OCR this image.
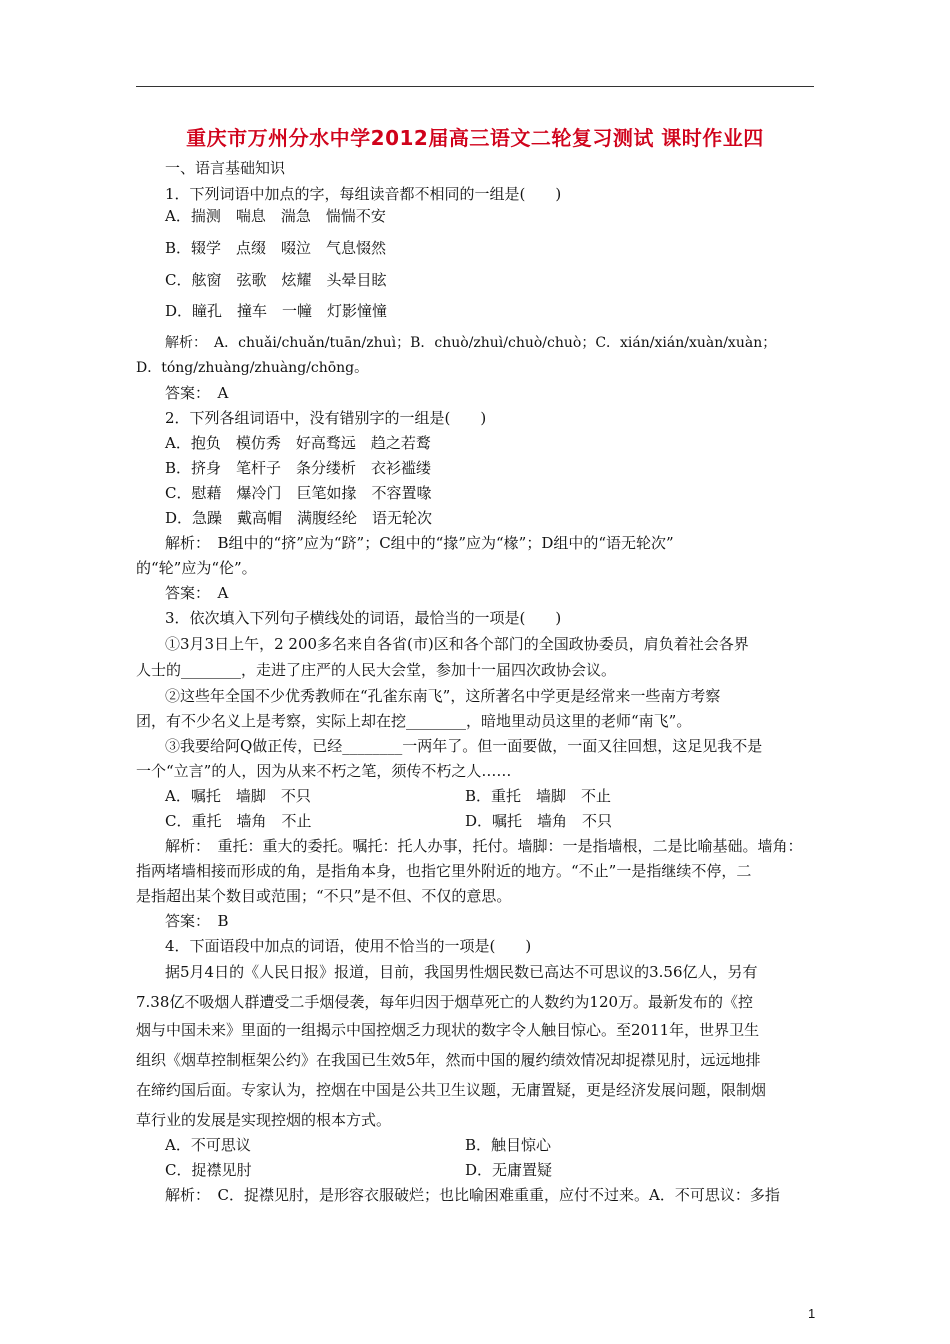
重庆市万州分水中学2012届高三语文二轮复习测试 课时作业四
一、语言基础知识
1．下列词语中加点的字，每组读音都不相同的一组是(　　)
A．揣测　喘息　湍急　惴惴不安
B．辍学　点缀　啜泣　气息惙然
C．舷窗　弦歌　炫耀　头晕目眩
D．瞳孔　撞车　一幢　灯影憧憧
解析：　A．chuǎi/chuǎn/tuān/zhuì；B．chuò/zhuì/chuò/chuò；C．xián/xián/xuàn/xuàn；
D．tóng/zhuàng/zhuàng/chōng。
答案：　A
2．下列各组词语中，没有错别字的一组是(　　)
A．抱负　模仿秀　好高骛远　趋之若鹜
B．挤身　笔杆子　条分缕析　衣衫褴缕
C．慰藉　爆冷门　巨笔如掾　不容置喙
D．急躁　戴高帽　满腹经纶　语无轮次
解析：　B组中的“挤”应为“跻”；C组中的“掾”应为“椽”；D组中的“语无轮次”
的“轮”应为“伦”。
答案：　A
3．依次填入下列句子横线处的词语，最恰当的一项是(　　)
①3月3日上午，2 200多名来自各省(市)区和各个部门的全国政协委员，肩负着社会各界
人士的________，走进了庄严的人民大会堂，参加十一届四次政协会议。
②这些年全国不少优秀教师在“孔雀东南飞”，这所著名中学更是经常来一些南方考察
团，有不少名义上是考察，实际上却在挖________，暗地里动员这里的老师“南飞”。
③我要给阿Q做正传，已经________一两年了。但一面要做，一面又往回想，这足见我不是
一个“立言”的人，因为从来不朽之笔，须传不朽之人……
A．嘱托　墙脚　不只	B．重托　墙脚　不止
C．重托　墙角　不止	D．嘱托　墙角　不只
解析：　重托：重大的委托。嘱托：托人办事，托付。墙脚：一是指墙根，二是比喻基础。墙角：
指两堵墙相接而形成的角，是指角本身，也指它里外附近的地方。“不止”一是指继续不停，二
是指超出某个数目或范围；“不只”是不但、不仅的意思。
答案：　B
4．下面语段中加点的词语，使用不恰当的一项是(　　)
据5月4日的《人民日报》报道，目前，我国男性烟民数已高达不可思议的3.56亿人，另有
7.38亿不吸烟人群遭受二手烟侵袭，每年归因于烟草死亡的人数约为120万。最新发布的《控
烟与中国未来》里面的一组揭示中国控烟乏力现状的数字令人触目惊心。至2011年，世界卫生
组织《烟草控制框架公约》在我国已生效5年，然而中国的履约绩效情况却捉襟见肘，远远地排
在缔约国后面。专家认为，控烟在中国是公共卫生议题，无庸置疑，更是经济发展问题，限制烟
草行业的发展是实现控烟的根本方式。
A．不可思议	B．触目惊心
C．捉襟见肘	D．无庸置疑
解析：　C．捉襟见肘，是形容衣服破烂；也比喻困难重重，应付不过来。A．不可思议：多指
1
